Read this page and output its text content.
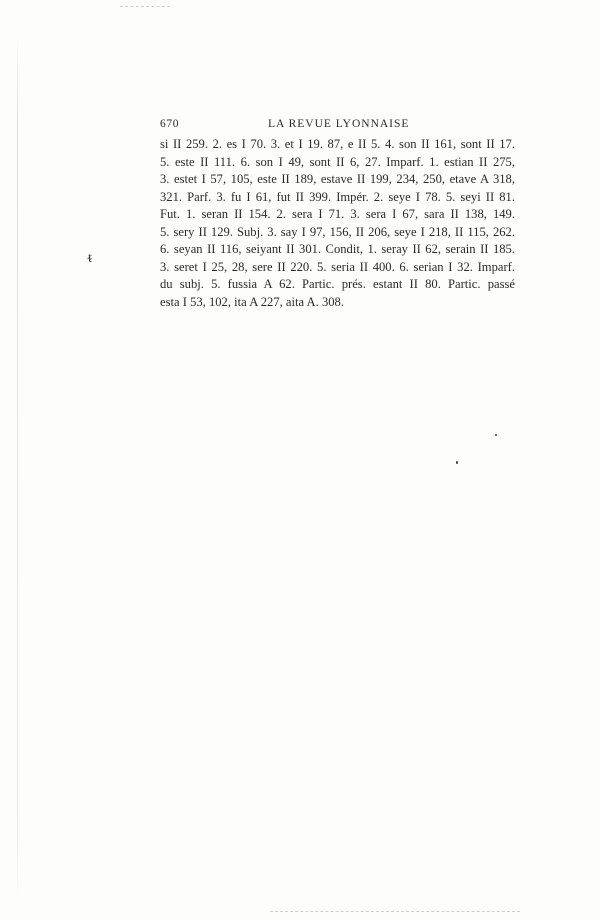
670	LA REVUE LYONNAISE
ᵵ
si II 259. 2. es I 70. 3. et I 19. 87, e II 5. 4. son II 161, sont II 17.
5. este II 111. 6. son I 49, sont II 6, 27. Imparf. 1. estian II 275,
3. estet I 57, 105, este II 189, estave II 199, 234, 250, etave A 318,
321. Parf. 3. fu I 61, fut II 399. Impér. 2. seye I 78. 5. seyi II 81.
Fut. 1. seran II 154. 2. sera I 71. 3. sera I 67, sara II 138, 149.
5. sery II 129. Subj. 3. say I 97, 156, II 206, seye I 218, II 115, 262.
6. seyan II 116, seiyant II 301. Condit, 1. seray II 62, serain II 185.
3. seret I 25, 28, sere II 220. 5. seria II 400. 6. serian I 32. Imparf.
du subj. 5. fussia A 62. Partic. prés. estant II 80. Partic. passé
esta I 53, 102, ita A 227, aita A. 308.
